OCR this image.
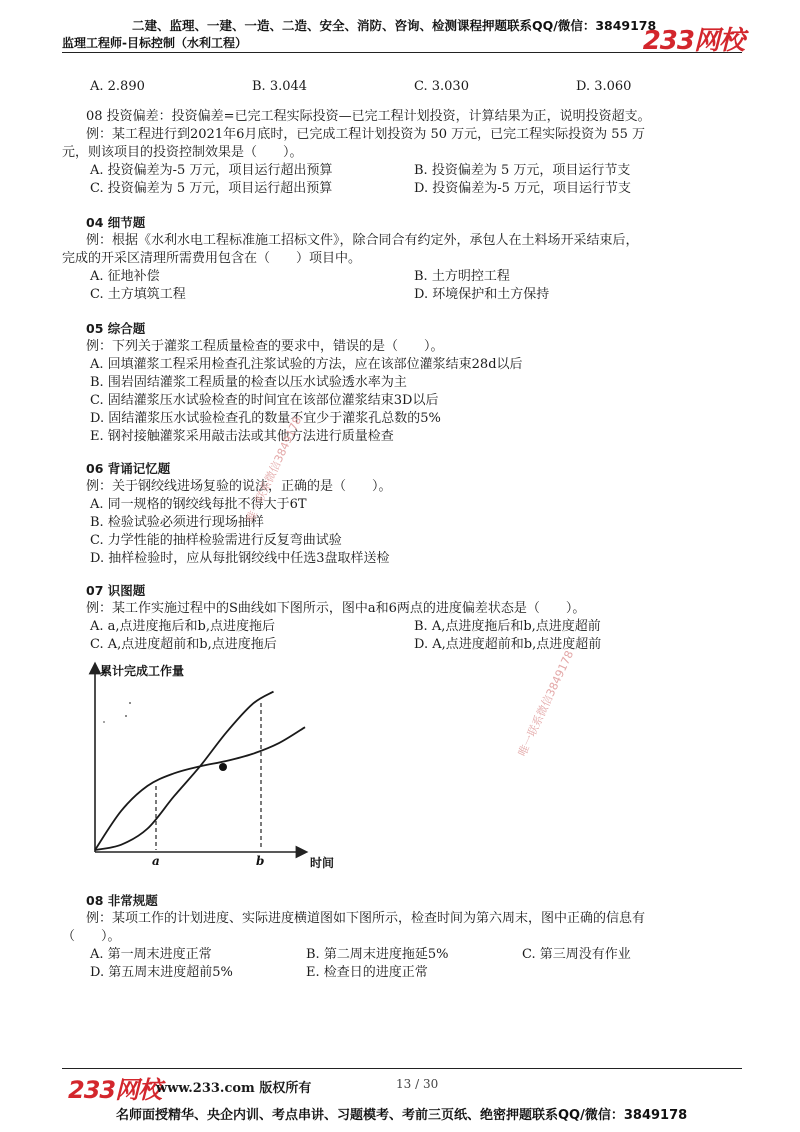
二建、监理、一建、一造、二造、安全、消防、咨询、检测课程押题联系QQ/微信：3849178
监理工程师-目标控制（水利工程）	233网校
A. 2.890	B. 3.044	C. 3.030	D. 3.060
08 投资偏差：投资偏差=已完工程实际投资—已完工程计划投资，计算结果为正，说明投资超支。
例：某工程进行到2021年6月底时，已完成工程计划投资为 50 万元，已完工程实际投资为 55 万
元，则该项目的投资控制效果是（　　）。
A. 投资偏差为-5 万元，项目运行超出预算	B. 投资偏差为 5 万元，项目运行节支
C. 投资偏差为 5 万元，项目运行超出预算	D. 投资偏差为-5 万元，项目运行节支
04 细节题
例：根据《水利水电工程标准施工招标文件》，除合同合有约定外，承包人在土料场开采结束后，
完成的开采区清理所需费用包含在（　　）项目中。
A. 征地补偿	B. 土方明控工程
C. 土方填筑工程	D. 环境保护和土方保持
05 综合题
例：下列关于灌浆工程质量检查的要求中，错误的是（　　）。
A. 回填灌浆工程采用检查孔注浆试验的方法，应在该部位灌浆结束28d以后
B. 围岩固结灌浆工程质量的检查以压水试验透水率为主
C. 固结灌浆压水试验检查的时间宜在该部位灌浆结束3D以后
D. 固结灌浆压水试验检查孔的数量不宜少于灌浆孔总数的5%
E. 钢衬接触灌浆采用敲击法或其他方法进行质量检查
06 背诵记忆题
例：关于钢绞线进场复验的说法，正确的是（　　）。
A. 同一规格的钢绞线每批不得大于6T
B. 检验试验必须进行现场抽样
C. 力学性能的抽样检验需进行反复弯曲试验
D. 抽样检验时，应从每批钢绞线中任选3盘取样送检
07 识图题
例：某工作实施过程中的S曲线如下图所示，图中a和6两点的进度偏差状态是（　　）。
A. a,点进度拖后和b,点进度拖后	B. A,点进度拖后和b,点进度超前
C. A,点进度超前和b,点进度拖后	D. A,点进度超前和b,点进度超前
累计完成工作量
时间
a	b
08 非常规题
例：某项工作的计划进度、实际进度横道图如下图所示，检查时间为第六周末，图中正确的信息有
（　　）。
A. 第一周末进度正常	B. 第二周末进度拖延5%	C. 第三周没有作业
D. 第五周末进度超前5%	E. 检查日的进度正常
唯一联系微信3849178
唯一联系微信3849178
233网校
www.233.com 版权所有	13 / 30
名师面授精华、央企内训、考点串讲、习题模考、考前三页纸、绝密押题联系QQ/微信：3849178
